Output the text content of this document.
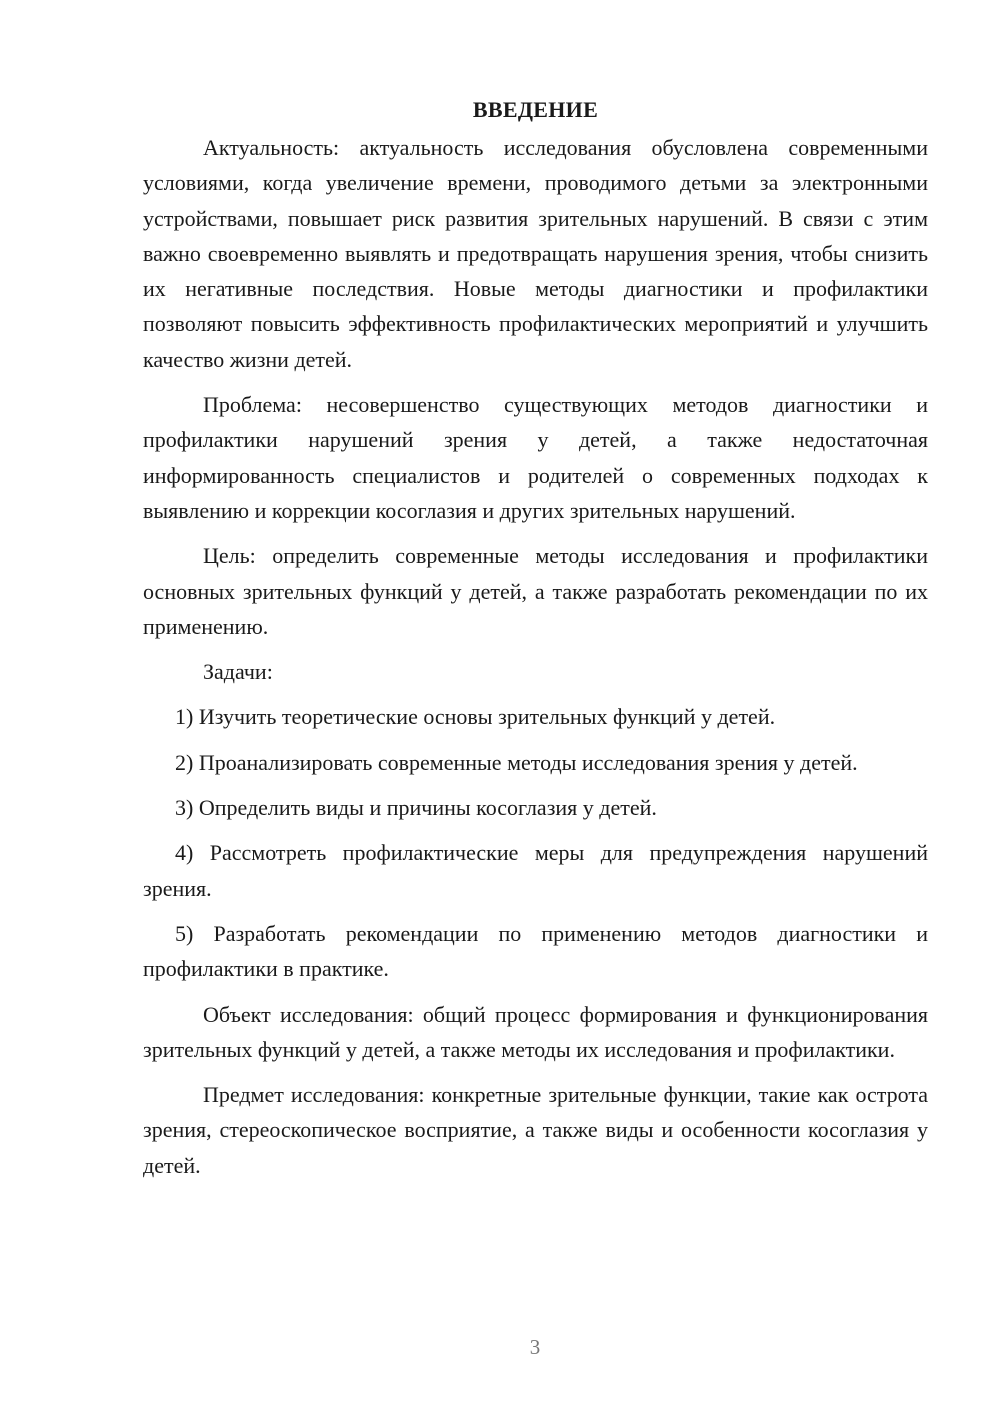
ВВЕДЕНИЕ

Актуальность: актуальность исследования обусловлена современными условиями, когда увеличение времени, проводимого детьми за электронными устройствами, повышает риск развития зрительных нарушений. В связи с этим важно своевременно выявлять и предотвращать нарушения зрения, чтобы снизить их негативные последствия. Новые методы диагностики и профилактики позволяют повысить эффективность профилактических мероприятий и улучшить качество жизни детей.

Проблема: несовершенство существующих методов диагностики и профилактики нарушений зрения у детей, а также недостаточная информированность специалистов и родителей о современных подходах к выявлению и коррекции косоглазия и других зрительных нарушений.

Цель: определить современные методы исследования и профилактики основных зрительных функций у детей, а также разработать рекомендации по их применению.

Задачи:

1) Изучить теоретические основы зрительных функций у детей.

2) Проанализировать современные методы исследования зрения у детей.

3) Определить виды и причины косоглазия у детей.

4) Рассмотреть профилактические меры для предупреждения нарушений зрения.

5) Разработать рекомендации по применению методов диагностики и профилактики в практике.

Объект исследования: общий процесс формирования и функционирования зрительных функций у детей, а также методы их исследования и профилактики.

Предмет исследования: конкретные зрительные функции, такие как острота зрения, стереоскопическое восприятие, а также виды и особенности косоглазия у детей.

3
